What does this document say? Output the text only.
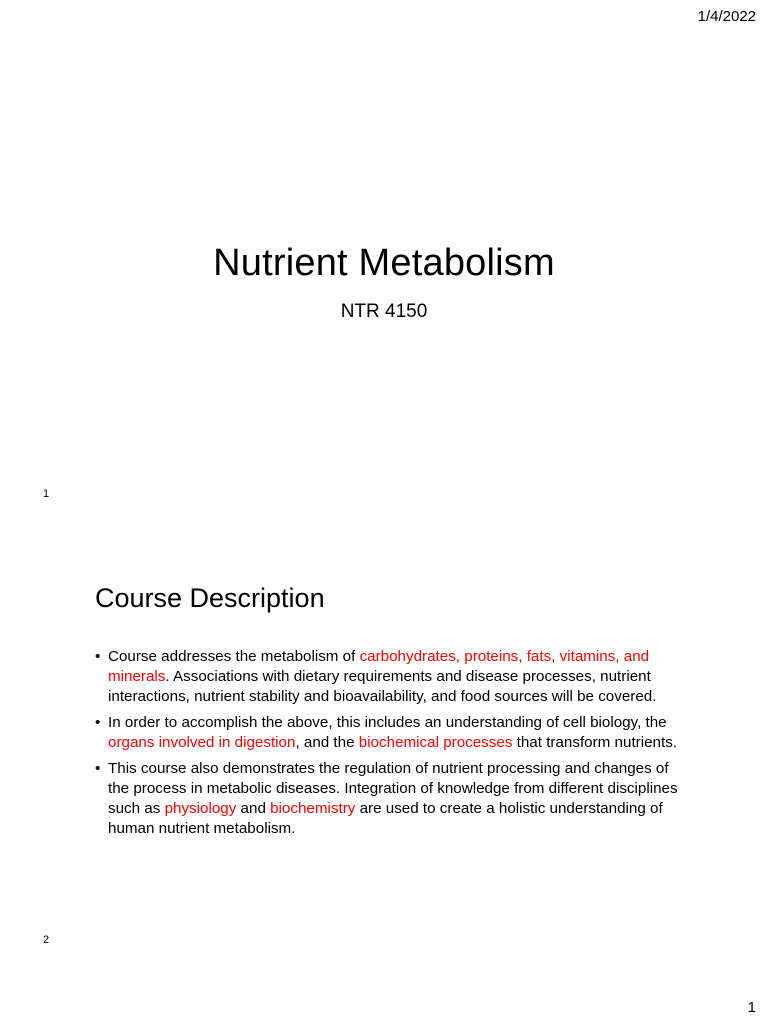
1/4/2022
Nutrient Metabolism
NTR 4150
1
Course Description
• Course addresses the metabolism of carbohydrates, proteins, fats, vitamins, and minerals. Associations with dietary requirements and disease processes, nutrient interactions, nutrient stability and bioavailability, and food sources will be covered.
• In order to accomplish the above, this includes an understanding of cell biology, the organs involved in digestion, and the biochemical processes that transform nutrients.
• This course also demonstrates the regulation of nutrient processing and changes of the process in metabolic diseases. Integration of knowledge from different disciplines such as physiology and biochemistry are used to create a holistic understanding of human nutrient metabolism.
2
1
